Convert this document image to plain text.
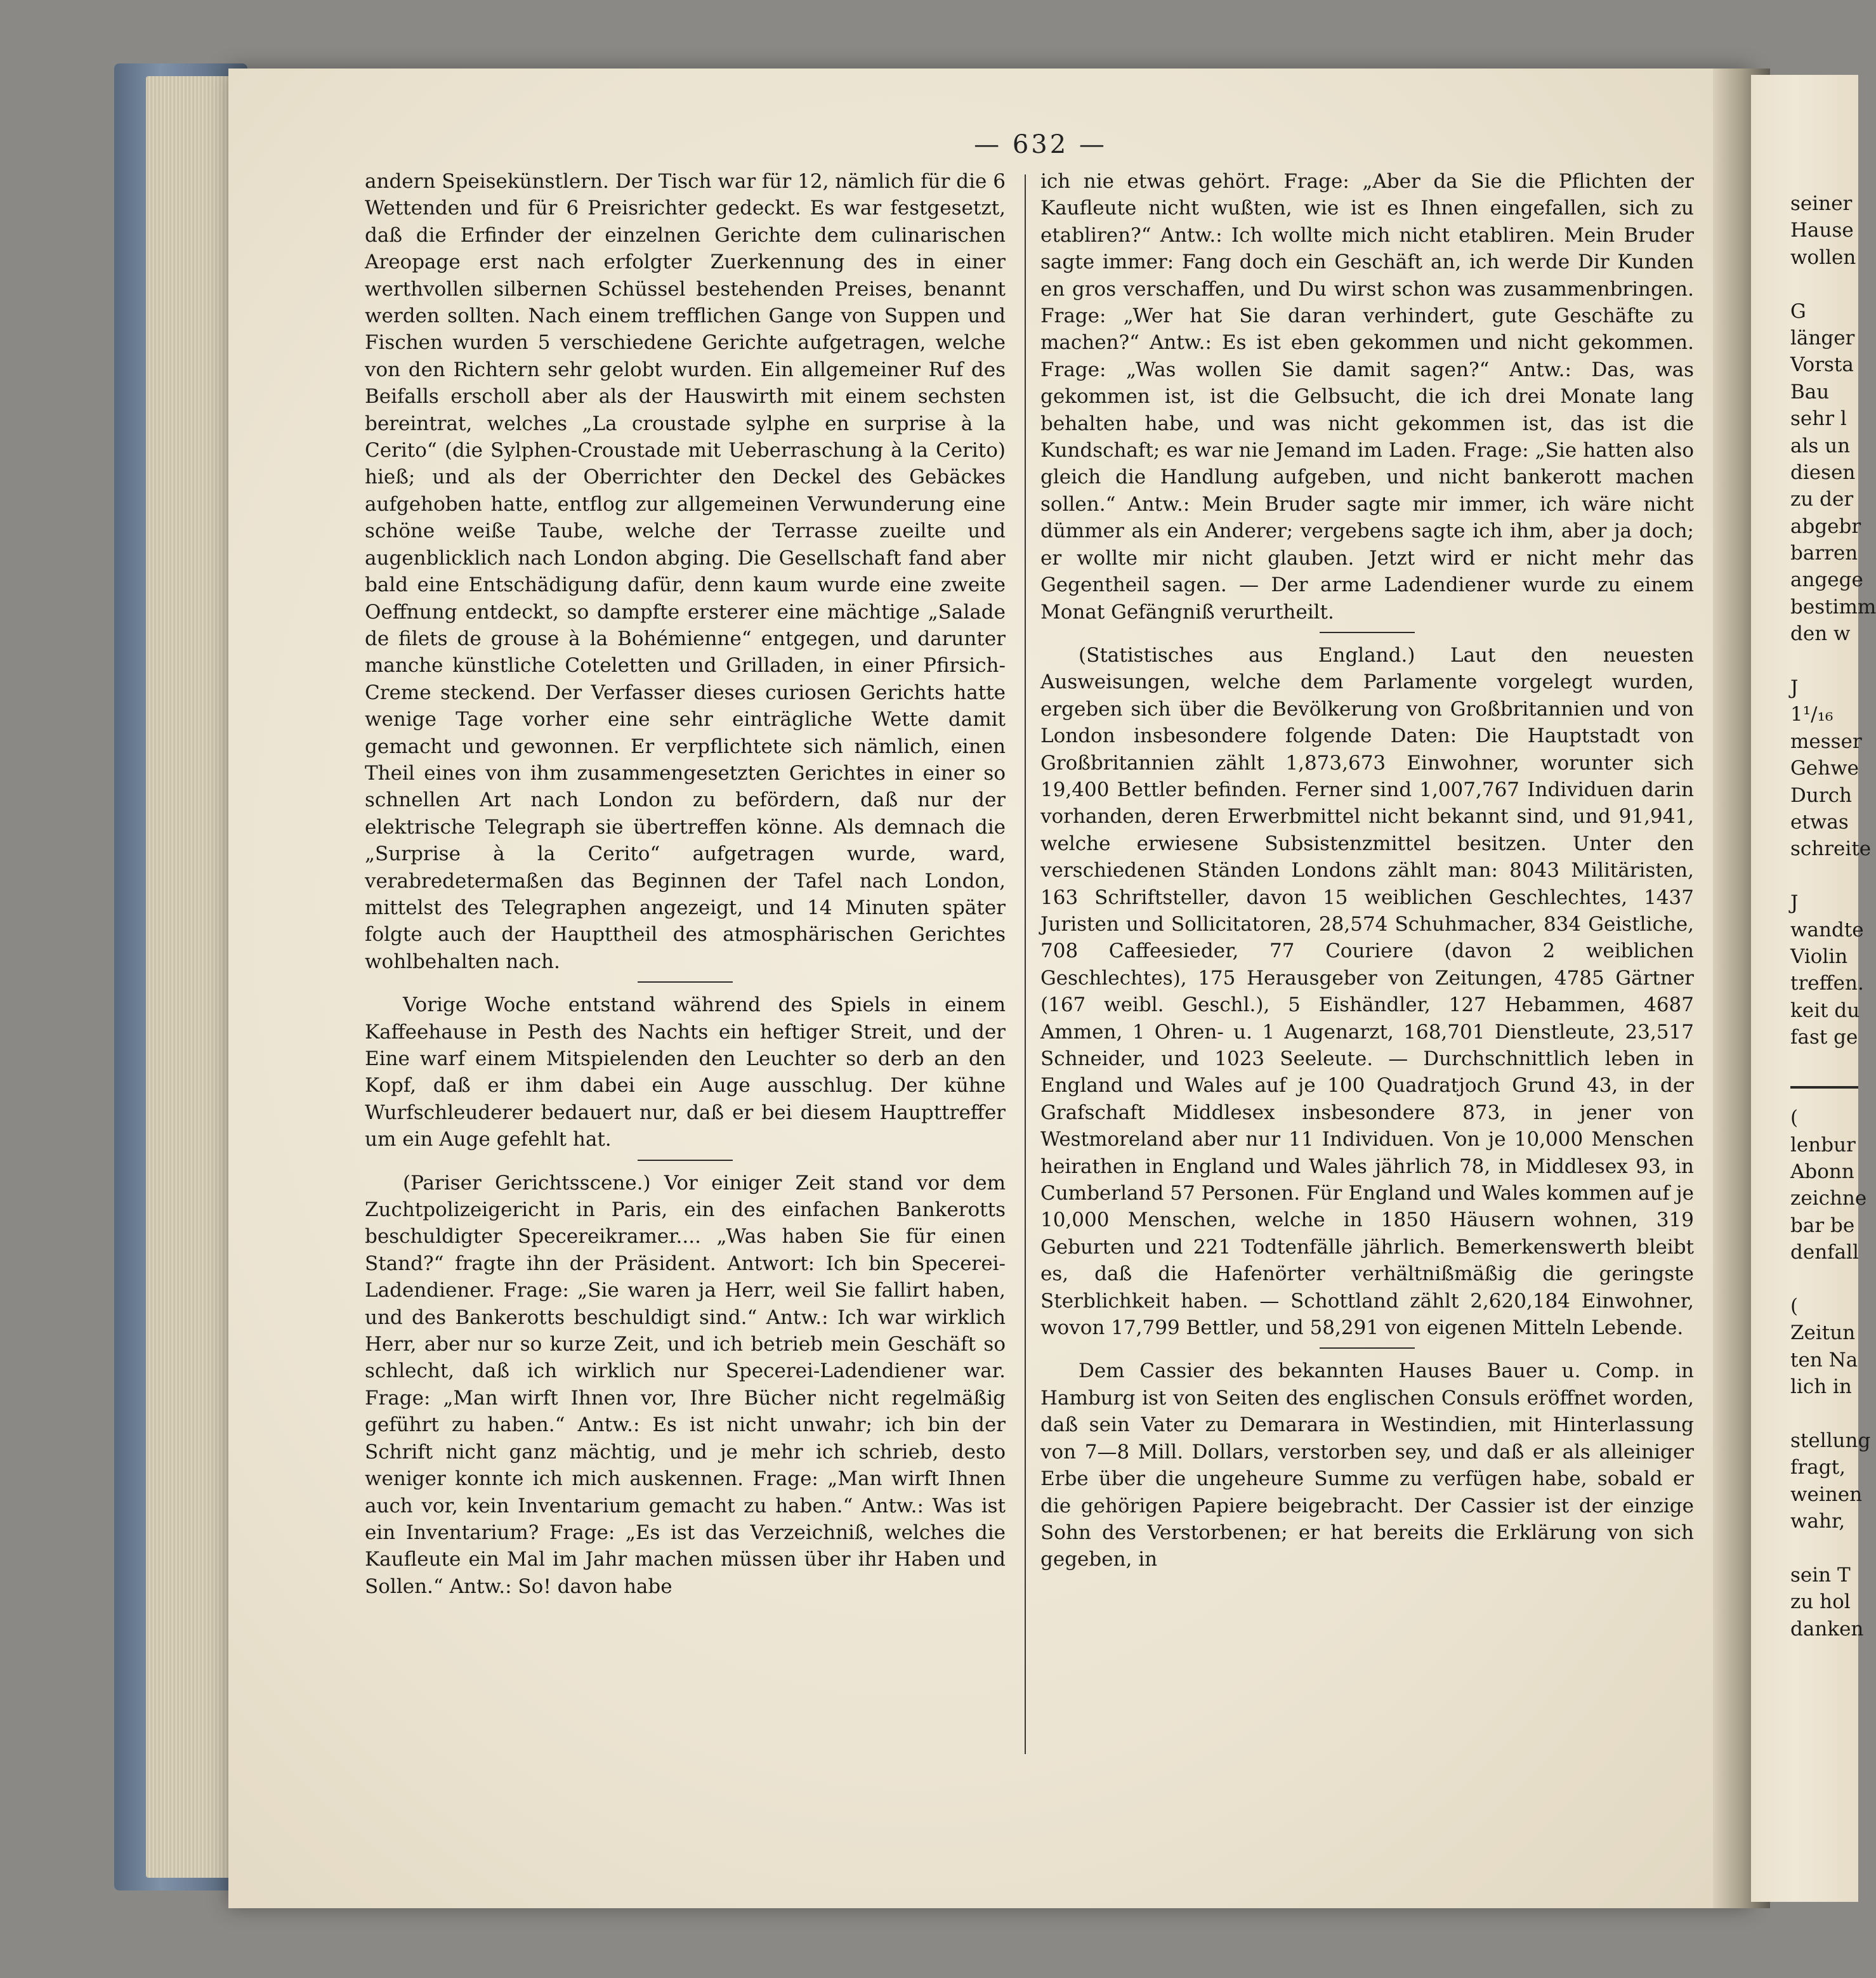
— 632 —

andern Speisekünstlern. Der Tisch war für 12, nämlich für die 6 Wettenden und für 6 Preisrichter gedeckt. Es war festgesetzt, daß die Erfinder der einzelnen Gerichte dem culinarischen Areopage erst nach erfolgter Zuerkennung des in einer werthvollen silbernen Schüssel bestehenden Preises, benannt werden sollten. Nach einem trefflichen Gange von Suppen und Fischen wurden 5 verschiedene Gerichte aufgetragen, welche von den Richtern sehr gelobt wurden. Ein allgemeiner Ruf des Beifalls erscholl aber als der Hauswirth mit einem sechsten bereintrat, welches „La croustade sylphe en surprise à la Cerito“ (die Sylphen-Croustade mit Ueberraschung à la Cerito) hieß; und als der Oberrichter den Deckel des Gebäckes aufgehoben hatte, entflog zur allgemeinen Verwunderung eine schöne weiße Taube, welche der Terrasse zueilte und augenblicklich nach London abging. Die Gesellschaft fand aber bald eine Entschädigung dafür, denn kaum wurde eine zweite Oeffnung entdeckt, so dampfte ersterer eine mächtige „Salade de filets de grouse à la Bohémienne“ entgegen, und darunter manche künstliche Coteletten und Grilladen, in einer Pfirsich-Creme steckend. Der Verfasser dieses curiosen Gerichts hatte wenige Tage vorher eine sehr einträgliche Wette damit gemacht und gewonnen. Er verpflichtete sich nämlich, einen Theil eines von ihm zusammengesetzten Gerichtes in einer so schnellen Art nach London zu befördern, daß nur der elektrische Telegraph sie übertreffen könne. Als demnach die „Surprise à la Cerito“ aufgetragen wurde, ward, verabredetermaßen das Beginnen der Tafel nach London, mittelst des Telegraphen angezeigt, und 14 Minuten später folgte auch der Haupttheil des atmosphärischen Gerichtes wohlbehalten nach.

Vorige Woche entstand während des Spiels in einem Kaffeehause in Pesth des Nachts ein heftiger Streit, und der Eine warf einem Mitspielenden den Leuchter so derb an den Kopf, daß er ihm dabei ein Auge ausschlug. Der kühne Wurfschleuderer bedauert nur, daß er bei diesem Haupttreffer um ein Auge gefehlt hat.

(Pariser Gerichtsscene.) Vor einiger Zeit stand vor dem Zuchtpolizeigericht in Paris, ein des einfachen Bankerotts beschuldigter Specereikramer.... „Was haben Sie für einen Stand?“ fragte ihn der Präsident. Antwort: Ich bin Specerei-Ladendiener. Frage: „Sie waren ja Herr, weil Sie fallirt haben, und des Bankerotts beschuldigt sind.“ Antw.: Ich war wirklich Herr, aber nur so kurze Zeit, und ich betrieb mein Geschäft so schlecht, daß ich wirklich nur Specerei-Ladendiener war. Frage: „Man wirft Ihnen vor, Ihre Bücher nicht regelmäßig geführt zu haben.“ Antw.: Es ist nicht unwahr; ich bin der Schrift nicht ganz mächtig, und je mehr ich schrieb, desto weniger konnte ich mich auskennen. Frage: „Man wirft Ihnen auch vor, kein Inventarium gemacht zu haben.“ Antw.: Was ist ein Inventarium? Frage: „Es ist das Verzeichniß, welches die Kaufleute ein Mal im Jahr machen müssen über ihr Haben und Sollen.“ Antw.: So! davon habe

ich nie etwas gehört. Frage: „Aber da Sie die Pflichten der Kaufleute nicht wußten, wie ist es Ihnen eingefallen, sich zu etabliren?“ Antw.: Ich wollte mich nicht etabliren. Mein Bruder sagte immer: Fang doch ein Geschäft an, ich werde Dir Kunden en gros verschaffen, und Du wirst schon was zusammenbringen. Frage: „Wer hat Sie daran verhindert, gute Geschäfte zu machen?“ Antw.: Es ist eben gekommen und nicht gekommen. Frage: „Was wollen Sie damit sagen?“ Antw.: Das, was gekommen ist, ist die Gelbsucht, die ich drei Monate lang behalten habe, und was nicht gekommen ist, das ist die Kundschaft; es war nie Jemand im Laden. Frage: „Sie hatten also gleich die Handlung aufgeben, und nicht bankerott machen sollen.“ Antw.: Mein Bruder sagte mir immer, ich wäre nicht dümmer als ein Anderer; vergebens sagte ich ihm, aber ja doch; er wollte mir nicht glauben. Jetzt wird er nicht mehr das Gegentheil sagen. — Der arme Ladendiener wurde zu einem Monat Gefängniß verurtheilt.

(Statistisches aus England.) Laut den neuesten Ausweisungen, welche dem Parlamente vorgelegt wurden, ergeben sich über die Bevölkerung von Großbritannien und von London insbesondere folgende Daten: Die Hauptstadt von Großbritannien zählt 1,873,673 Einwohner, worunter sich 19,400 Bettler befinden. Ferner sind 1,007,767 Individuen darin vorhanden, deren Erwerbmittel nicht bekannt sind, und 91,941, welche erwiesene Subsistenzmittel besitzen. Unter den verschiedenen Ständen Londons zählt man: 8043 Militäristen, 163 Schriftsteller, davon 15 weiblichen Geschlechtes, 1437 Juristen und Sollicitatoren, 28,574 Schuhmacher, 834 Geistliche, 708 Caffeesieder, 77 Couriere (davon 2 weiblichen Geschlechtes), 175 Herausgeber von Zeitungen, 4785 Gärtner (167 weibl. Geschl.), 5 Eishändler, 127 Hebammen, 4687 Ammen, 1 Ohren- u. 1 Augenarzt, 168,701 Dienstleute, 23,517 Schneider, und 1023 Seeleute. — Durchschnittlich leben in England und Wales auf je 100 Quadratjoch Grund 43, in der Grafschaft Middlesex insbesondere 873, in jener von Westmoreland aber nur 11 Individuen. Von je 10,000 Menschen heirathen in England und Wales jährlich 78, in Middlesex 93, in Cumberland 57 Personen. Für England und Wales kommen auf je 10,000 Menschen, welche in 1850 Häusern wohnen, 319 Geburten und 221 Todtenfälle jährlich. Bemerkenswerth bleibt es, daß die Hafenörter verhältnißmäßig die geringste Sterblichkeit haben. — Schottland zählt 2,620,184 Einwohner, wovon 17,799 Bettler, und 58,291 von eigenen Mitteln Lebende.

Dem Cassier des bekannten Hauses Bauer u. Comp. in Hamburg ist von Seiten des englischen Consuls eröffnet worden, daß sein Vater zu Demarara in Westindien, mit Hinterlassung von 7—8 Mill. Dollars, verstorben sey, und daß er als alleiniger Erbe über die ungeheure Summe zu verfügen habe, sobald er die gehörigen Papiere beigebracht. Der Cassier ist der einzige Sohn des Verstorbenen; er hat bereits die Erklärung von sich gegeben, in

seiner
Hause
wollen
G
länger
Vorsta
Bau
sehr l
als un
diesen
zu der
abgebr
barren
angege
bestimm
den w
J
1¹/₁₆
messer
Gehwe
Durch
etwas
schreite
J
wandte
Violin
treffen.
keit du
fast ge
(
lenbur
Abonn
zeichne
bar be
denfall
(
Zeitun
ten Na
lich in
stellung
fragt,
weinen
wahr,
sein T
zu hol
danken
